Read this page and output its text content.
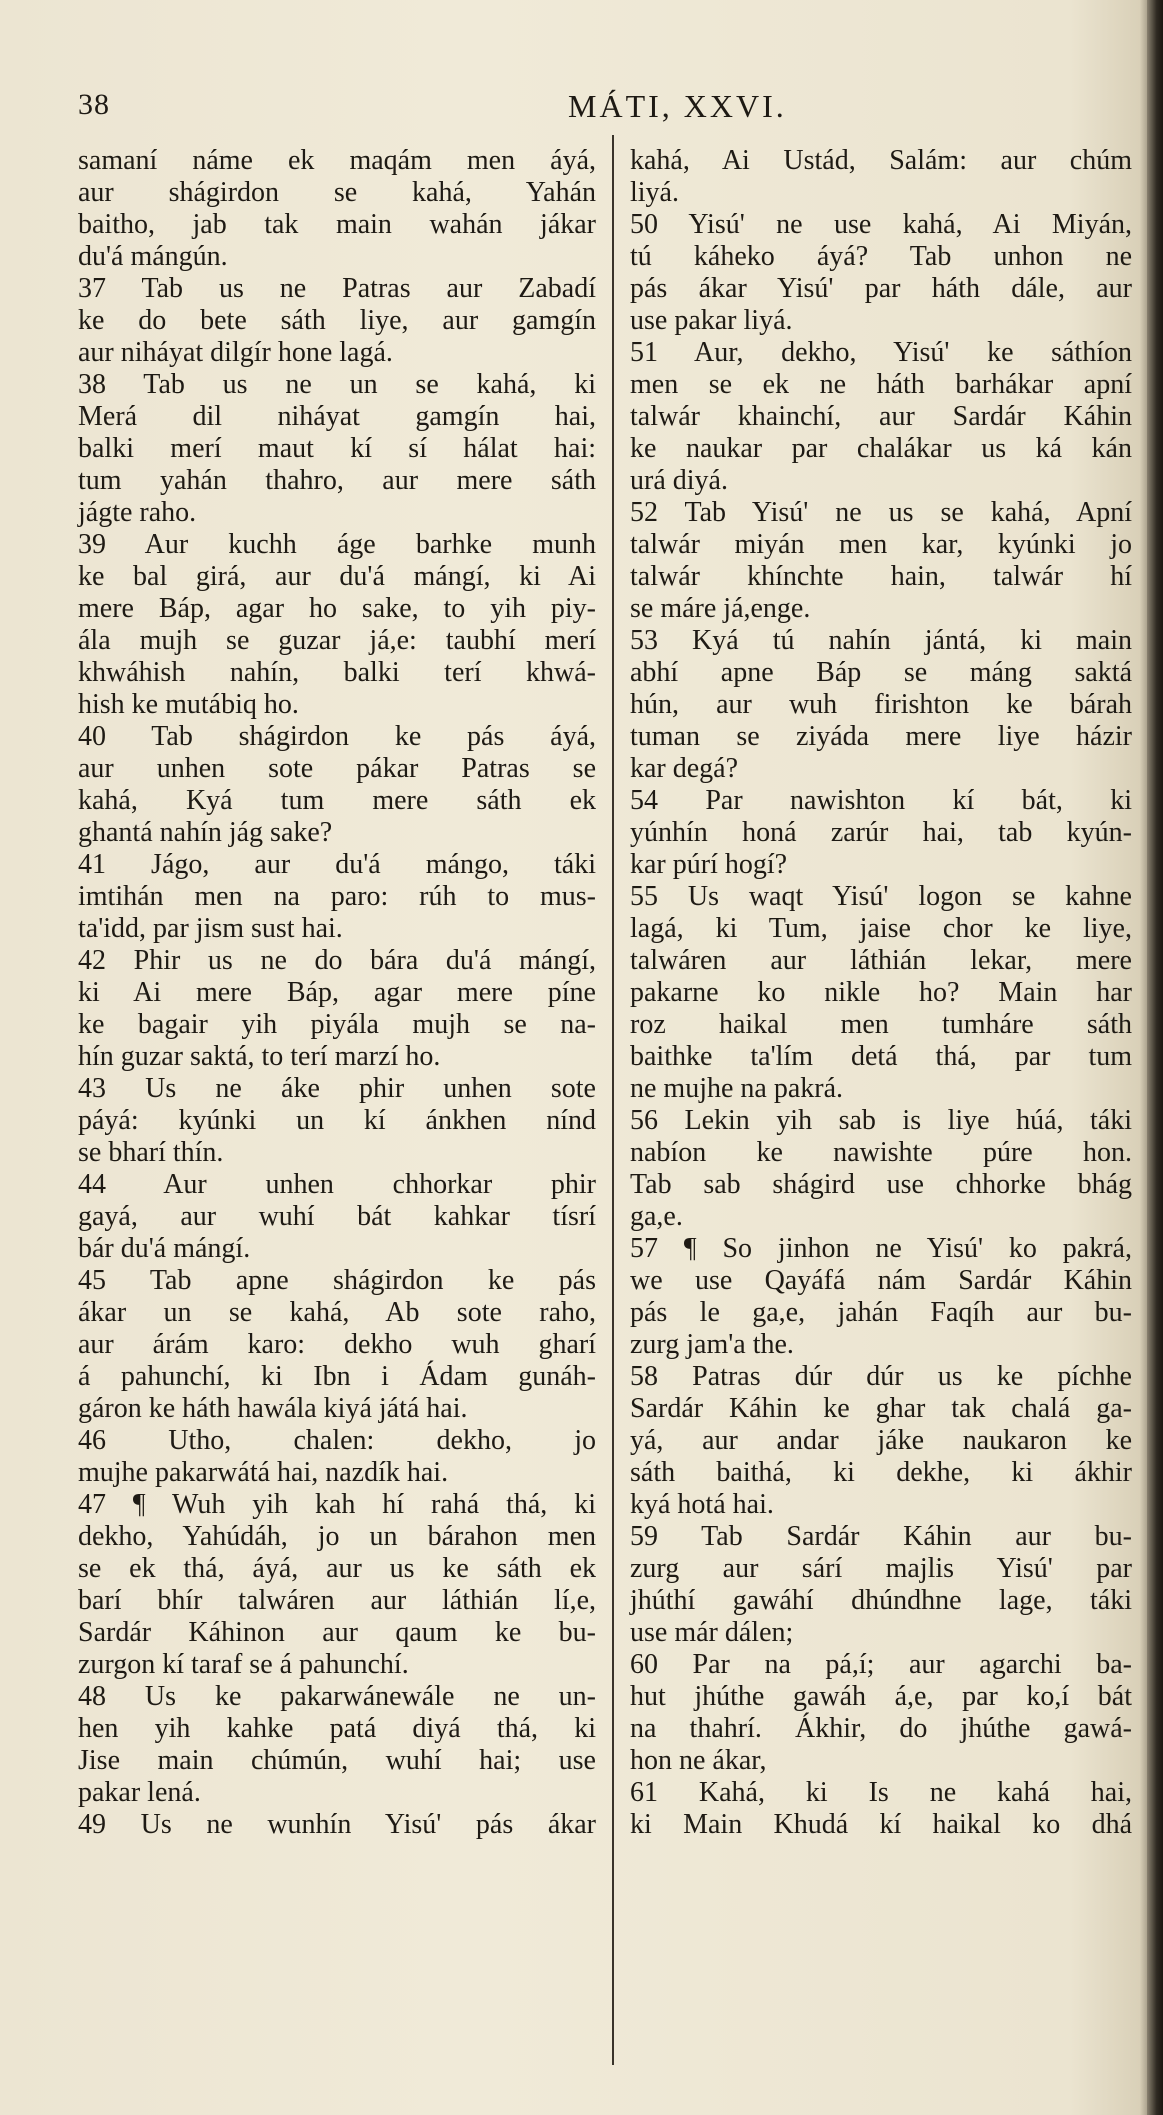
38	MÁTI, XXVI.
samaní náme ek maqám men áyá,
aur shágirdon se kahá, Yahán
baitho, jab tak main wahán jákar
du'á mángún.
37 Tab us ne Patras aur Zabadí
ke do bete sáth liye, aur gamgín
aur niháyat dilgír hone lagá.
38 Tab us ne un se kahá, ki
Merá dil niháyat gamgín hai,
balki merí maut kí sí hálat hai:
tum yahán thahro, aur mere sáth
jágte raho.
39 Aur kuchh áge barhke munh
ke bal girá, aur du'á mángí, ki Ai
mere Báp, agar ho sake, to yih piy-
ála mujh se guzar já,e: taubhí merí
khwáhish nahín, balki terí khwá-
hish ke mutábiq ho.
40 Tab shágirdon ke pás áyá,
aur unhen sote pákar Patras se
kahá, Kyá tum mere sáth ek
ghantá nahín jág sake?
41 Jágo, aur du'á mángo, táki
imtihán men na paro: rúh to mus-
ta'idd, par jism sust hai.
42 Phir us ne do bára du'á mángí,
ki Ai mere Báp, agar mere píne
ke bagair yih piyála mujh se na-
hín guzar saktá, to terí marzí ho.
43 Us ne áke phir unhen sote
páyá: kyúnki un kí ánkhen nínd
se bharí thín.
44 Aur unhen chhorkar phir
gayá, aur wuhí bát kahkar tísrí
bár du'á mángí.
45 Tab apne shágirdon ke pás
ákar un se kahá, Ab sote raho,
aur árám karo: dekho wuh gharí
á pahunchí, ki Ibn i Ádam gunáh-
gáron ke háth hawála kiyá játá hai.
46 Utho, chalen: dekho, jo
mujhe pakarwátá hai, nazdík hai.
47 ¶ Wuh yih kah hí rahá thá, ki
dekho, Yahúdáh, jo un bárahon men
se ek thá, áyá, aur us ke sáth ek
barí bhír talwáren aur láthián lí,e,
Sardár Káhinon aur qaum ke bu-
zurgon kí taraf se á pahunchí.
48 Us ke pakarwánewále ne un-
hen yih kahke patá diyá thá, ki
Jise main chúmún, wuhí hai; use
pakar lená.
49 Us ne wunhín Yisú' pás ákar
kahá, Ai Ustád, Salám: aur chúm
liyá.
50 Yisú' ne use kahá, Ai Miyán,
tú káheko áyá? Tab unhon ne
pás ákar Yisú' par háth dále, aur
use pakar liyá.
51 Aur, dekho, Yisú' ke sáthíon
men se ek ne háth barhákar apní
talwár khainchí, aur Sardár Káhin
ke naukar par chalákar us ká kán
urá diyá.
52 Tab Yisú' ne us se kahá, Apní
talwár miyán men kar, kyúnki jo
talwár khínchte hain, talwár hí
se máre já,enge.
53 Kyá tú nahín jántá, ki main
abhí apne Báp se máng saktá
hún, aur wuh firishton ke bárah
tuman se ziyáda mere liye házir
kar degá?
54 Par nawishton kí bát, ki
yúnhín honá zarúr hai, tab kyún-
kar púrí hogí?
55 Us waqt Yisú' logon se kahne
lagá, ki Tum, jaise chor ke liye,
talwáren aur láthián lekar, mere
pakarne ko nikle ho? Main har
roz haikal men tumháre sáth
baithke ta'lím detá thá, par tum
ne mujhe na pakrá.
56 Lekin yih sab is liye húá, táki
nabíon ke nawishte púre hon.
Tab sab shágird use chhorke bhág
ga,e.
57 ¶ So jinhon ne Yisú' ko pakrá,
we use Qayáfá nám Sardár Káhin
pás le ga,e, jahán Faqíh aur bu-
zurg jam'a the.
58 Patras dúr dúr us ke píchhe
Sardár Káhin ke ghar tak chalá ga-
yá, aur andar jáke naukaron ke
sáth baithá, ki dekhe, ki ákhir
kyá hotá hai.
59 Tab Sardár Káhin aur bu-
zurg aur sárí majlis Yisú' par
jhúthí gawáhí dhúndhne lage, táki
use már dálen;
60 Par na pá,í; aur agarchi ba-
hut jhúthe gawáh á,e, par ko,í bát
na thahrí. Ákhir, do jhúthe gawá-
hon ne ákar,
61 Kahá, ki Is ne kahá hai,
ki Main Khudá kí haikal ko dhá
